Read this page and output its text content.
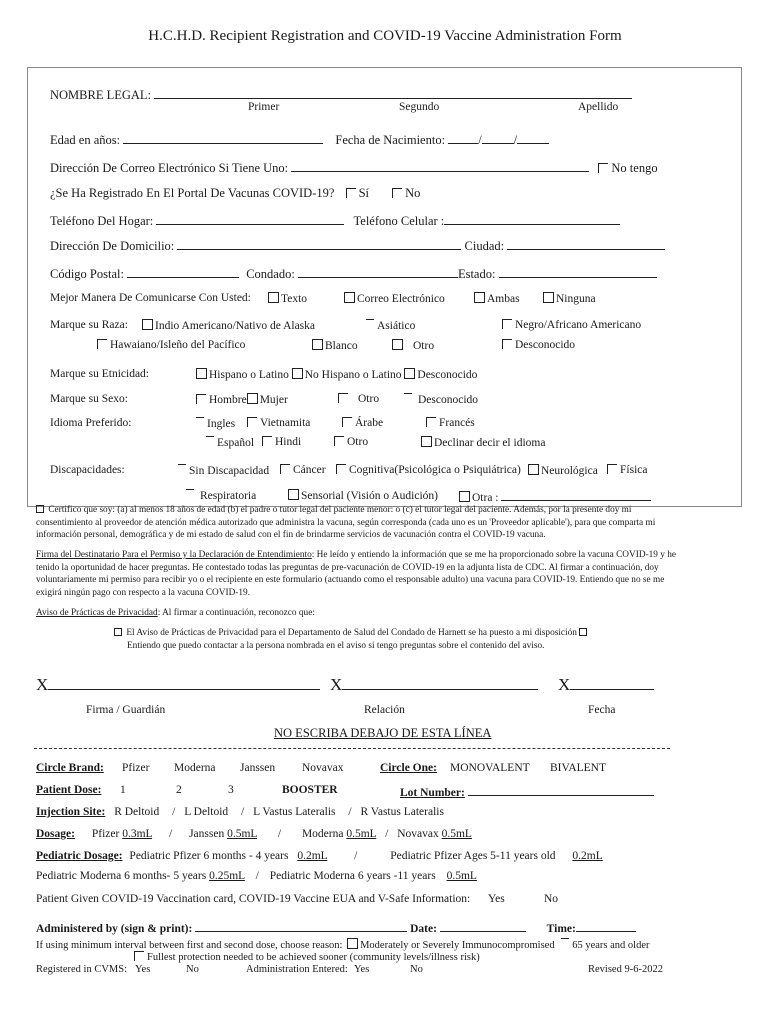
H.C.H.D. Recipient Registration and COVID-19 Vaccine Administration Form
NOMBRE LEGAL:
Primer	Segundo	Apellido
Edad en años:	Fecha de Nacimiento:	/	/
Dirección De Correo Electrónico Si Tiene Uno:	No tengo
¿Se Ha Registrado En El Portal De Vacunas COVID-19? Sí	No
Teléfono Del Hogar:	Teléfono Celular :
Dirección De Domicilio:	Ciudad:
Código Postal:	Condado:	Estado:
Mejor Manera De Comunicarse Con Usted:	Texto	Correo Electrónico	Ambas	Ninguna
Marque su Raza:	Indio Americano/Nativo de Alaska	Asiático	Negro/Africano Americano
Hawaiano/Isleño del Pacífico	Blanco	Otro	Desconocido
Marque su Etnicidad:	Hispano o Latino No Hispano o Latino Desconocido
Marque su Sexo:	Hombre Mujer	Otro	Desconocido
Idioma Preferido:	Ingles	Vietnamita	Árabe	Francés
Español	Hindi	Otro	Declinar decir el idioma
Discapacidades:	Sin Discapacidad	Cáncer	Cognitiva(Psicológica o Psiquiátrica)	Neurológica	Física
Respiratoria	Sensorial (Visión o Audición)	Otra :
Certifico que soy: (a) al menos 18 años de edad (b) el padre o tutor legal del paciente menor: o (c) el tutor legal del paciente. Además, por la presente doy mi consentimiento al proveedor de atención médica autorizado que administra la vacuna, según corresponda (cada uno es un 'Proveedor aplicable'), para que comparta mi información personal, demográfica y de mi estado de salud con el fin de brindarme servicios de vacunación contra el COVID-19 vacuna.
Firma del Destinatario Para el Permiso y la Declaración de Entendimiento: He leído y entiendo la información que se me ha proporcionado sobre la vacuna COVID-19 y he tenido la oportunidad de hacer preguntas. He contestado todas las preguntas de pre-vacunación de COVID-19 en la adjunta lista de CDC. Al firmar a continuación, doy voluntariamente mi permiso para recibir yo o el recipiente en este formulario (actuando como el responsable adulto) una vacuna para COVID-19. Entiendo que no se me exigirá ningún pago con respecto a la vacuna COVID-19.
Aviso de Prácticas de Privacidad: Al firmar a continuación, reconozco que:
El Aviso de Prácticas de Privacidad para el Departamento de Salud del Condado de Harnett se ha puesto a mi disposición
Entiendo que puedo contactar a la persona nombrada en el aviso si tengo preguntas sobre el contenido del aviso.
X	X	X
Firma / Guardián	Relación	Fecha
NO ESCRIBA DEBAJO DE ESTA LÍNEA
Circle Brand: Pfizer Moderna Janssen Novavax	Circle One: MONOVALENT BIVALENT
Patient Dose: 1	2	3	BOOSTER	Lot Number:
Injection Site: R Deltoid / L Deltoid / L Vastus Lateralis / R Vastus Lateralis
Dosage: Pfizer 0.3mL / Janssen 0.5mL / Moderna 0.5mL / Novavax 0.5mL
Pediatric Dosage: Pediatric Pfizer 6 months - 4 years 0.2mL /	Pediatric Pfizer Ages 5-11 years old 0.2mL
Pediatric Moderna 6 months- 5 years 0.25mL / Pediatric Moderna 6 years -11 years 0.5mL
Patient Given COVID-19 Vaccination card, COVID-19 Vaccine EUA and V-Safe Information: Yes	No
Administered by (sign & print):	Date:	Time:
If using minimum interval between first and second dose, choose reason: Moderately or Severely Immunocompromised 65 years and older
Fullest protection needed to be achieved sooner (community levels/illness risk)
Registered in CVMS: Yes	No	Administration Entered: Yes	No	Revised 9-6-2022
